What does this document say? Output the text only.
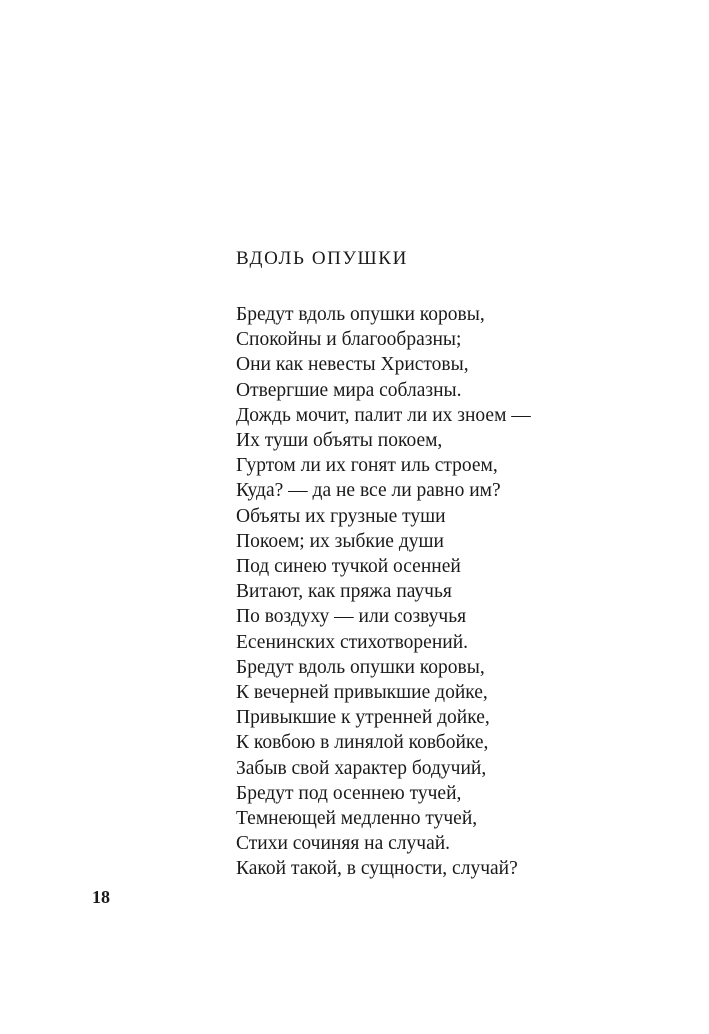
ВДОЛЬ ОПУШКИ
Бредут вдоль опушки коровы,
Спокойны и благообразны;
Они как невесты Христовы,
Отвергшие мира соблазны.
Дождь мочит, палит ли их зноем —
Их туши объяты покоем,
Гуртом ли их гонят иль строем,
Куда? — да не все ли равно им?
Объяты их грузные туши
Покоем; их зыбкие души
Под синею тучкой осенней
Витают, как пряжа паучья
По воздуху — или созвучья
Есенинских стихотворений.
Бредут вдоль опушки коровы,
К вечерней привыкшие дойке,
Привыкшие к утренней дойке,
К ковбою в линялой ковбойке,
Забыв свой характер бодучий,
Бредут под осеннею тучей,
Темнеющей медленно тучей,
Стихи сочиняя на случай.
Какой такой, в сущности, случай?
18
